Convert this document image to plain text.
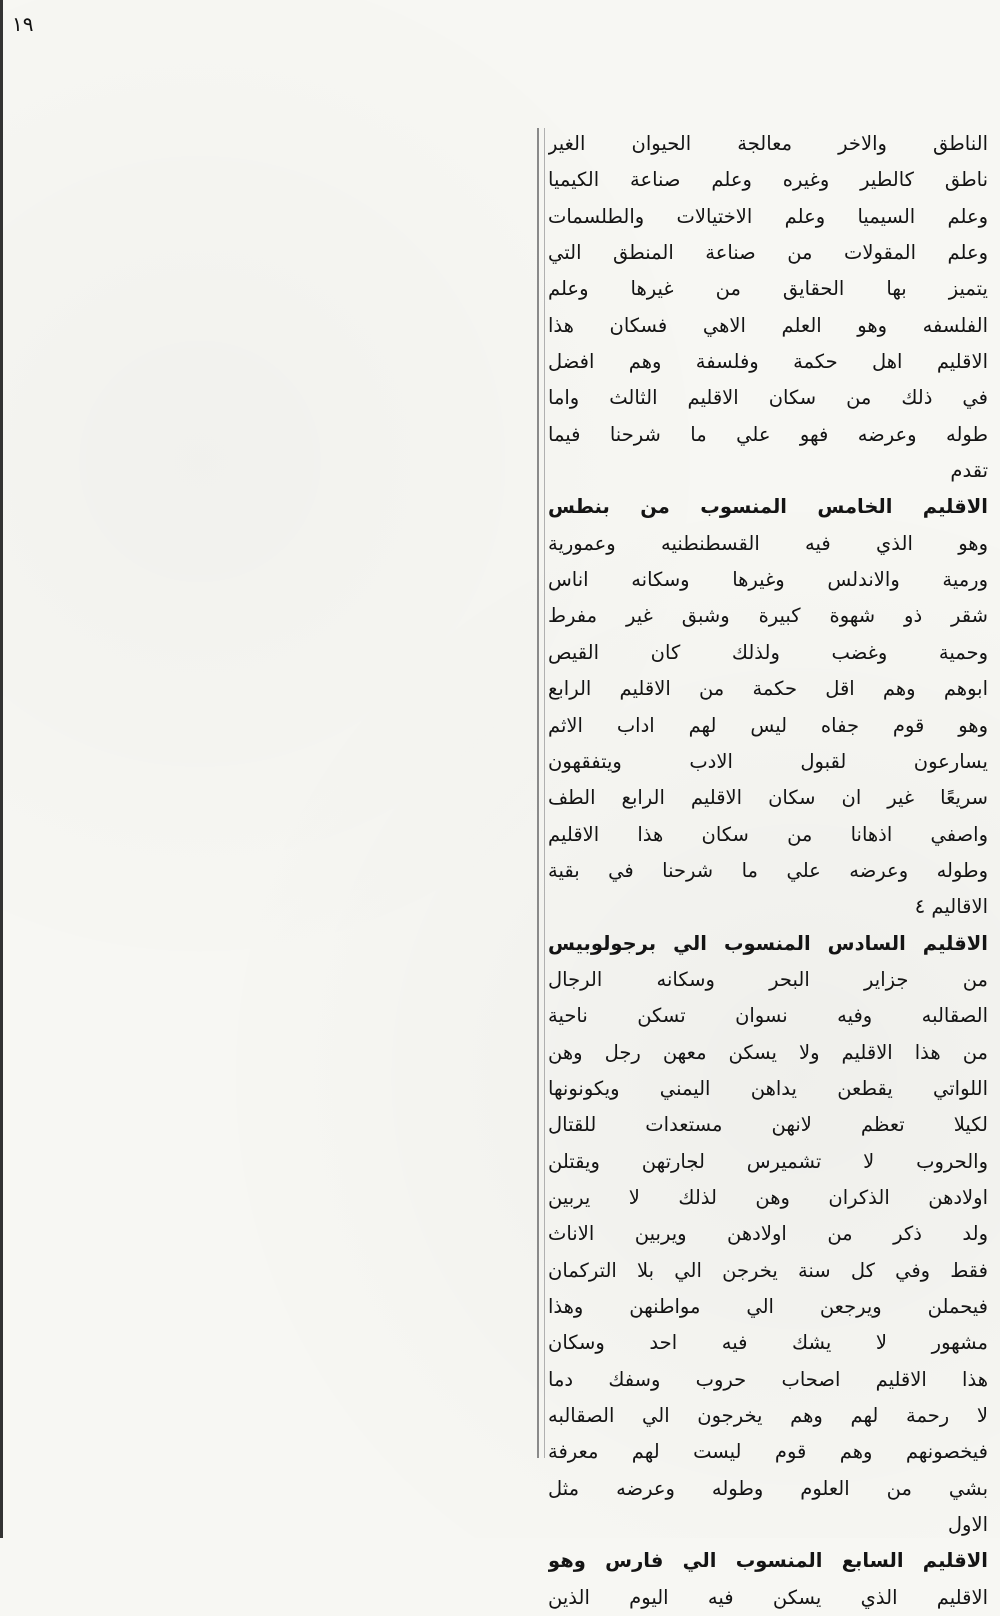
١٩
الناطق والاخر معالجة الحيوان الغير
ناطق كالطير وغيره وعلم صناعة الكيميا
وعلم السيميا وعلم الاختيالات والطلسمات
وعلم المقولات من صناعة المنطق التي
يتميز بها الحقايق من غيرها وعلم
الفلسفه وهو العلم الاهي فسكان هذا
الاقليم اهل حكمة وفلسفة وهم افضل
في ذلك من سكان الاقليم الثالث واما
طوله وعرضه فهو علي ما شرحنا فيما
تقدم
الاقليم الخامس المنسوب من بنطس
وهو الذي فيه القسطنطنيه وعمورية
ورمية والاندلس وغيرها وسكانه اناس
شقر ذو شهوة كبيرة وشبق غير مفرط
وحمية وغضب ولذلك كان القيص
ابوهم وهم اقل حكمة من الاقليم الرابع
وهو قوم جفاه ليس لهم اداب الاثم
يسارعون لقبول الادب ويتفقهون
سريعًا غير ان سكان الاقليم الرابع الطف
واصفي اذهانا من سكان هذا الاقليم
وطوله وعرضه علي ما شرحنا في بقية
الاقاليم ٤
الاقليم السادس المنسوب الي برجولوبيس
من جزاير البحر وسكانه الرجال
الصقالبه وفيه نسوان تسكن ناحية
من هذا الاقليم ولا يسكن معهن رجل وهن
اللواتي يقطعن يداهن اليمني ويكونونها
لكيلا تعظم لانهن مستعدات للقتال
والحروب لا تشميرس لجارتهن ويقتلن
اولادهن الذكران وهن لذلك لا يربين
ولد ذكر من اولادهن ويربين الاناث
فقط وفي كل سنة يخرجن الي بلا التركمان
فيحملن ويرجعن الي مواطنهن وهذا
مشهور لا يشك فيه احد وسكان
هذا الاقليم اصحاب حروب وسفك دما
لا رحمة لهم وهم يخرجون الي الصقالبه
فيخصونهم وهم قوم ليست لهم معرفة
بشي من العلوم وطوله وعرضه مثل
الاول
الاقليم السابع المنسوب الي فارس وهو
الاقليم الذي يسكن فيه اليوم الذين
